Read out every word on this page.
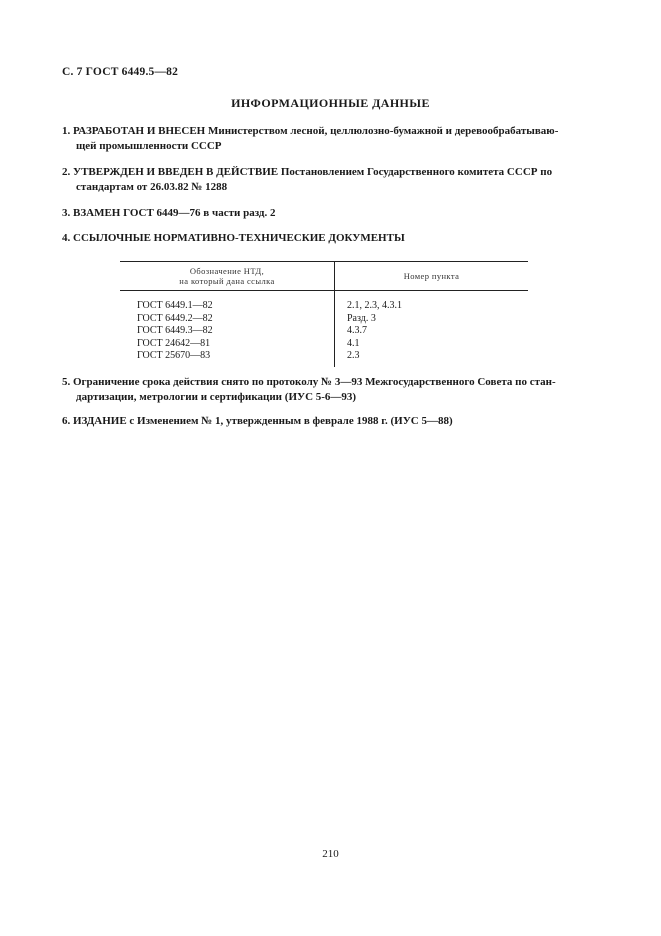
С. 7 ГОСТ 6449.5—82
ИНФОРМАЦИОННЫЕ ДАННЫЕ
1. РАЗРАБОТАН И ВНЕСЕН Министерством лесной, целлюлозно-бумажной и деревообрабатываю-
щей промышленности СССР
2. УТВЕРЖДЕН И ВВЕДЕН В ДЕЙСТВИЕ Постановлением Государственного комитета СССР по
стандартам от 26.03.82 № 1288
3. ВЗАМЕН ГОСТ 6449—76 в части разд. 2
4. ССЫЛОЧНЫЕ НОРМАТИВНО-ТЕХНИЧЕСКИЕ ДОКУМЕНТЫ
Обозначение НТД,
на который дана ссылка	Номер пункта
ГОСТ 6449.1—82	2.1, 2.3, 4.3.1
ГОСТ 6449.2—82	Разд. 3
ГОСТ 6449.3—82	4.3.7
ГОСТ 24642—81	4.1
ГОСТ 25670—83	2.3
5. Ограничение срока действия снято по протоколу № 3—93 Межгосударственного Совета по стан-
дартизации, метрологии и сертификации (ИУС 5-6—93)
6. ИЗДАНИЕ с Изменением № 1, утвержденным в феврале 1988 г. (ИУС 5—88)
210
